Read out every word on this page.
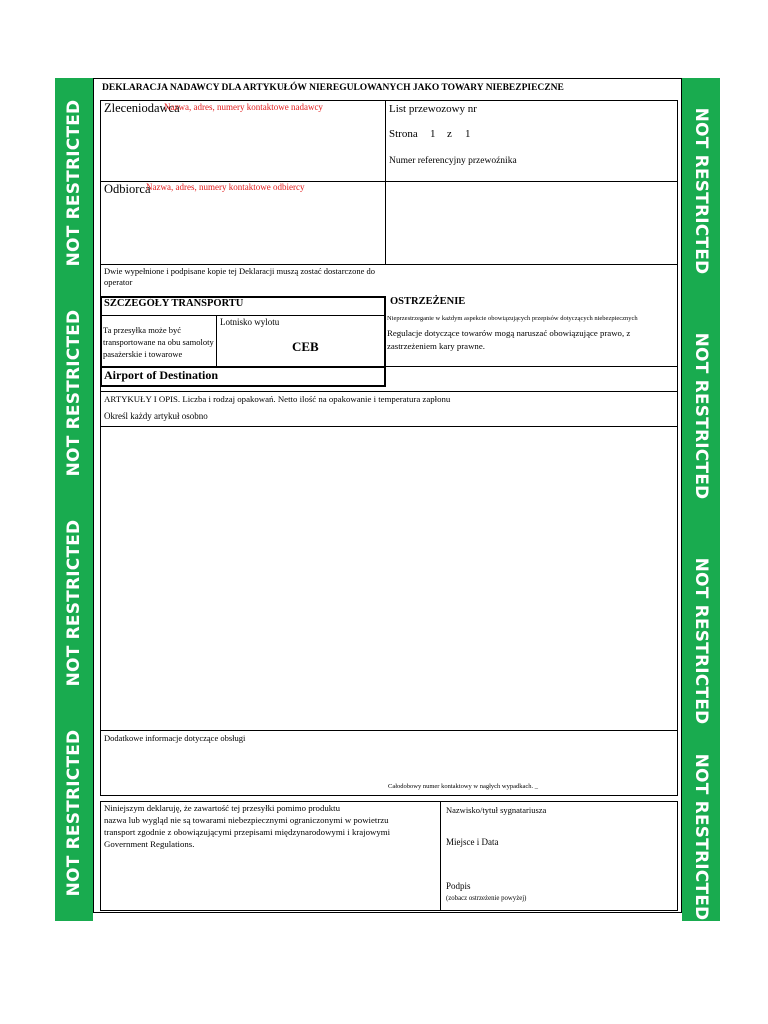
NOT RESTRICTED
NOT RESTRICTED
NOT RESTRICTED
NOT RESTRICTED
NOT RESTRICTED
NOT RESTRICTED
NOT RESTRICTED
NOT RESTRICTED
DEKLARACJA NADAWCY DLA ARTYKUŁÓW NIEREGULOWANYCH JAKO TOWARY NIEBEZPIECZNE
Zleceniodawca
Nazwa, adres, numery kontaktowe nadawcy	List przewozowy nr
Strona 1 z 1
Numer referencyjny przewoźnika
Odbiorca
Nazwa, adres, numery kontaktowe odbiercy
Dwie wypełnione i podpisane kopie tej Deklaracji muszą zostać dostarczone do operator
SZCZEGÓŁY TRANSPORTU
Ta przesyłka może być transportowane na obu samoloty pasażerskie i towarowe
Lotnisko wylotu
CEB
Airport of Destination
OSTRZEŻENIE
Nieprzestrzeganie w każdym aspekcie obowiązujących przepisów dotyczących niebezpiecznych
Regulacje dotyczące towarów mogą naruszać obowiązujące prawo, z zastrzeżeniem kary prawne.
ARTYKUŁY I OPIS. Liczba i rodzaj opakowań. Netto ilość na opakowanie i temperatura zapłonu
Określ każdy artykuł osobno
Dodatkowe informacje dotyczące obsługi
Całodobowy numer kontaktowy w nagłych wypadkach. _
Niniejszym deklaruję, że zawartość tej przesyłki pomimo produktu
nazwa lub wygląd nie są towarami niebezpiecznymi ograniczonymi w powietrzu
transport zgodnie z obowiązującymi przepisami międzynarodowymi i krajowymi
Government Regulations.
Nazwisko/tytuł sygnatariusza
Miejsce i Data
Podpis
(zobacz ostrzeżenie powyżej)
